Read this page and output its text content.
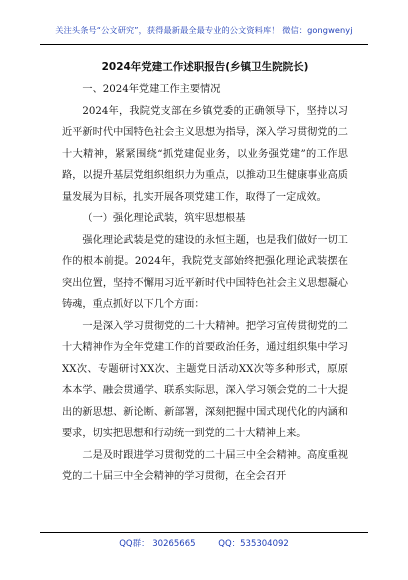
关注头条号“公文研究”，获得最新最全最专业的公文资料库！ 微信：gongwenyj

2024年党建工作述职报告(乡镇卫生院院长)

一、2024年党建工作主要情况

2024年，我院党支部在乡镇党委的正确领导下，坚持以习近平新时代中国特色社会主义思想为指导，深入学习贯彻党的二十大精神，紧紧围绕“抓党建促业务，以业务强党建”的工作思路，以提升基层党组织组织力为重点，以推动卫生健康事业高质量发展为目标，扎实开展各项党建工作，取得了一定成效。

（一）强化理论武装，筑牢思想根基

强化理论武装是党的建设的永恒主题，也是我们做好一切工作的根本前提。2024年，我院党支部始终把强化理论武装摆在突出位置，坚持不懈用习近平新时代中国特色社会主义思想凝心铸魂，重点抓好以下几个方面：

一是深入学习贯彻党的二十大精神。把学习宣传贯彻党的二十大精神作为全年党建工作的首要政治任务，通过组织集中学习XX次、专题研讨XX次、主题党日活动XX次等多种形式，原原本本学、融会贯通学、联系实际思，深入学习领会党的二十大提出的新思想、新论断、新部署，深刻把握中国式现代化的内涵和要求，切实把思想和行动统一到党的二十大精神上来。

二是及时跟进学习贯彻党的二十届三中全会精神。高度重视党的二十届三中全会精神的学习贯彻，在全会召开

QQ群： 30265665	QQ：535304092
